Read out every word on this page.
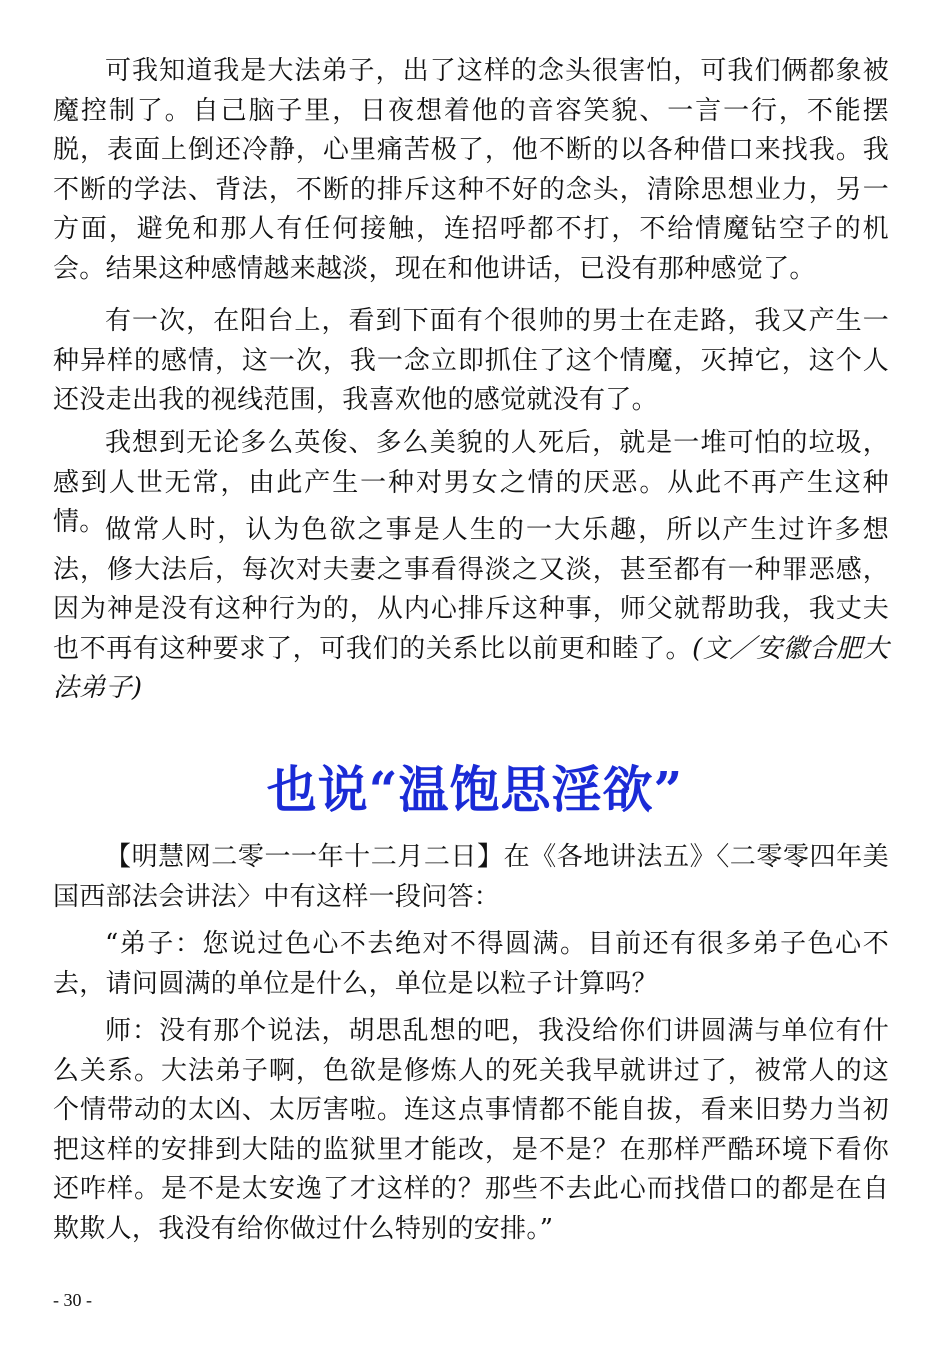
可我知道我是大法弟子，出了这样的念头很害怕，可我们俩都象被魔控制了。自己脑子里，日夜想着他的音容笑貌、一言一行，不能摆脱，表面上倒还冷静，心里痛苦极了，他不断的以各种借口来找我。我不断的学法、背法，不断的排斥这种不好的念头，清除思想业力，另一方面，避免和那人有任何接触，连招呼都不打，不给情魔钻空子的机会。结果这种感情越来越淡，现在和他讲话，已没有那种感觉了。

有一次，在阳台上，看到下面有个很帅的男士在走路，我又产生一种异样的感情，这一次，我一念立即抓住了这个情魔，灭掉它，这个人还没走出我的视线范围，我喜欢他的感觉就没有了。

我想到无论多么英俊、多么美貌的人死后，就是一堆可怕的垃圾，感到人世无常，由此产生一种对男女之情的厌恶。从此不再产生这种情。 做常人时，认为色欲之事是人生的一大乐趣，所以产生过许多想法，修大法后，每次对夫妻之事看得淡之又淡，甚至都有一种罪恶感，因为神是没有这种行为的，从内心排斥这种事，师父就帮助我，我丈夫也不再有这种要求了，可我们的关系比以前更和睦了。(文／安徽合肥大法弟子)

也说“温饱思淫欲”

【明慧网二零一一年十二月二日】在《各地讲法五》〈二零零四年美国西部法会讲法〉中有这样一段问答：

“弟子：您说过色心不去绝对不得圆满。目前还有很多弟子色心不去，请问圆满的单位是什么，单位是以粒子计算吗？

师：没有那个说法，胡思乱想的吧，我没给你们讲圆满与单位有什么关系。大法弟子啊，色欲是修炼人的死关我早就讲过了，被常人的这个情带动的太凶、太厉害啦。连这点事情都不能自拔，看来旧势力当初把这样的安排到大陆的监狱里才能改，是不是？在那样严酷环境下看你还咋样。是不是太安逸了才这样的？那些不去此心而找借口的都是在自欺欺人，我没有给你做过什么特别的安排。”

- 30 -
